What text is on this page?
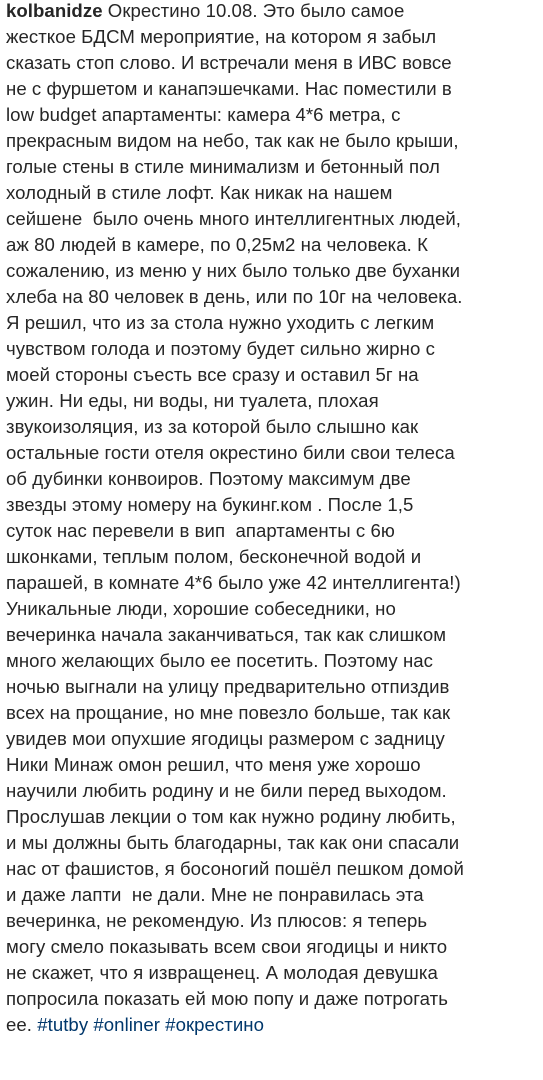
kolbanidze Окрестино 10.08. Это было самое
жесткое БДСМ мероприятие, на котором я забыл
сказать стоп слово. И встречали меня в ИВС вовсе
не с фуршетом и канапэшечками. Нас поместили в
low budget апартаменты: камера 4*6 метра, с
прекрасным видом на небо, так как не было крыши,
голые стены в стиле минимализм и бетонный пол
холодный в стиле лофт. Как никак на нашем
сейшене  было очень много интеллигентных людей,
аж 80 людей в камере, по 0,25м2 на человека. К
сожалению, из меню у них было только две буханки
хлеба на 80 человек в день, или по 10г на человека.
Я решил, что из за стола нужно уходить с легким
чувством голода и поэтому будет сильно жирно с
моей стороны съесть все сразу и оставил 5г на
ужин. Ни еды, ни воды, ни туалета, плохая
звукоизоляция, из за которой было слышно как
остальные гости отеля окрестино били свои телеса
об дубинки конвоиров. Поэтому максимум две
звезды этому номеру на букинг.ком . После 1,5
суток нас перевели в вип  апартаменты с 6ю
шконками, теплым полом, бесконечной водой и
парашей, в комнате 4*6 было уже 42 интеллигента!)
Уникальные люди, хорошие собеседники, но
вечеринка начала заканчиваться, так как слишком
много желающих было ее посетить. Поэтому нас
ночью выгнали на улицу предварительно отпиздив
всех на прощание, но мне повезло больше, так как
увидев мои опухшие ягодицы размером с задницу
Ники Минаж омон решил, что меня уже хорошо
научили любить родину и не били перед выходом.
Прослушав лекции о том как нужно родину любить,
и мы должны быть благодарны, так как они спасали
нас от фашистов, я босоногий пошёл пешком домой
и даже лапти  не дали. Мне не понравилась эта
вечеринка, не рекомендую. Из плюсов: я теперь
могу смело показывать всем свои ягодицы и никто
не скажет, что я извращенец. А молодая девушка
попросила показать ей мою попу и даже потрогать
ее. #tutby #onliner #окрестино
